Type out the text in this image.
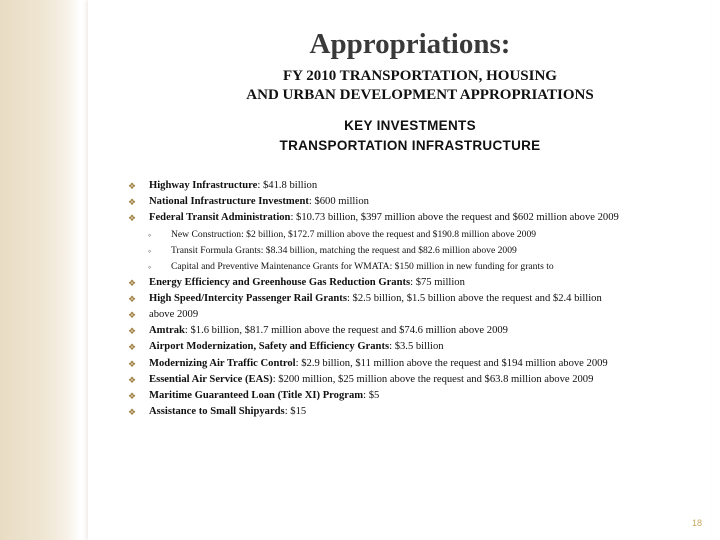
Appropriations:
FY 2010 TRANSPORTATION, HOUSING
AND URBAN DEVELOPMENT APPROPRIATIONS
KEY INVESTMENTS
TRANSPORTATION INFRASTRUCTURE
❖ Highway Infrastructure: $41.8 billion
❖ National Infrastructure Investment: $600 million
❖ Federal Transit Administration: $10.73 billion, $397 million above the request and $602 million above 2009
◦	New Construction: $2 billion, $172.7 million above the request and $190.8 million above 2009
◦	Transit Formula Grants: $8.34 billion, matching the request and $82.6 million above 2009
◦	Capital and Preventive Maintenance Grants for WMATA: $150 million in new funding for grants to
❖ Energy Efficiency and Greenhouse Gas Reduction Grants: $75 million
❖ High Speed/Intercity Passenger Rail Grants: $2.5 billion, $1.5 billion above the request and $2.4 billion
❖ above 2009
❖ Amtrak: $1.6 billion, $81.7 million above the request and $74.6 million above 2009
❖ Airport Modernization, Safety and Efficiency Grants: $3.5 billion
❖ Modernizing Air Traffic Control: $2.9 billion, $11 million above the request and $194 million above 2009
❖ Essential Air Service (EAS): $200 million, $25 million above the request and $63.8 million above 2009
❖ Maritime Guaranteed Loan (Title XI) Program: $5
❖ Assistance to Small Shipyards: $15
18
